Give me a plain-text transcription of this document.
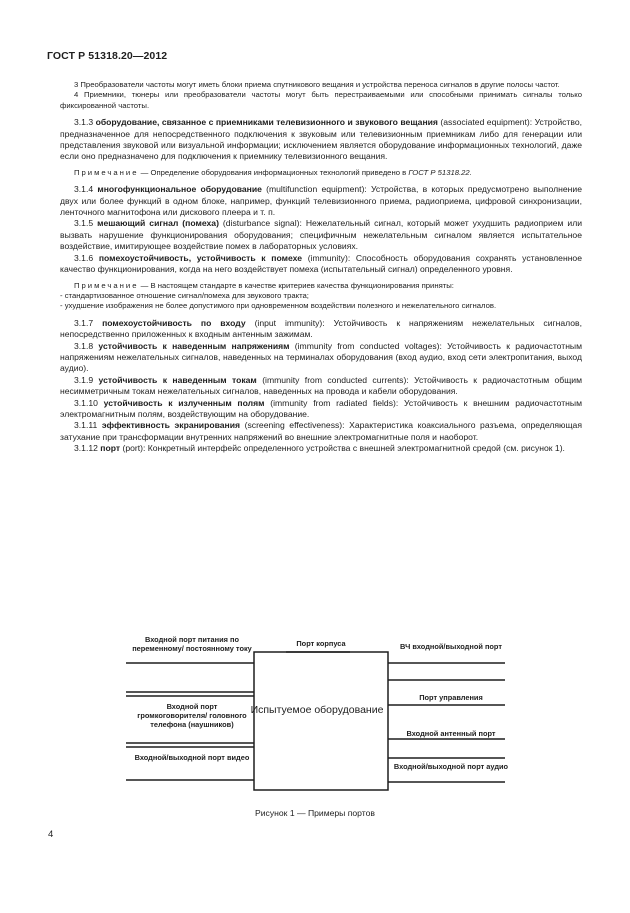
ГОСТ Р 51318.20—2012

3 Преобразователи частоты могут иметь блоки приема спутникового вещания и устройства переноса сигналов в другие полосы частот.

4 Приемники, тюнеры или преобразователи частоты могут быть перестраиваемыми или способными принимать сигналы только фиксированной частоты.

3.1.3 оборудование, связанное с приемниками телевизионного и звукового вещания (associated equipment): Устройство, предназначенное для непосредственного подключения к звуковым или телевизионным приемникам либо для генерации или представления звуковой или визуальной информации; исключением является оборудование информационных технологий, даже если оно предназначено для подключения к приемнику телевизионного вещания.

Примечание — Определение оборудования информационных технологий приведено в ГОСТ Р 51318.22.

3.1.4 многофункциональное оборудование (multifunction equipment): Устройства, в которых предусмотрено выполнение двух или более функций в одном блоке, например, функций телевизионного приема, радиоприема, цифровой синхронизации, ленточного магнитофона или дискового плеера и т. п.

3.1.5 мешающий сигнал (помеха) (disturbance signal): Нежелательный сигнал, который может ухудшить радиоприем или вызвать нарушение функционирования оборудования; специфичным нежелательным сигналом является испытательное воздействие, имитирующее воздействие помех в лабораторных условиях.

3.1.6 помехоустойчивость, устойчивость к помехе (immunity): Способность оборудования сохранять установленное качество функционирования, когда на него воздействует помеха (испытательный сигнал) определенного уровня.

Примечание — В настоящем стандарте в качестве критериев качества функционирования приняты:

- стандартизованное отношение сигнал/помеха для звукового тракта;

- ухудшение изображения не более допустимого при одновременном воздействии полезного и нежелательного сигналов.

3.1.7 помехоустойчивость по входу (input immunity): Устойчивость к напряжениям нежелательных сигналов, непосредственно приложенных к входным антенным зажимам.

3.1.8 устойчивость к наведенным напряжениям (immunity from conducted voltages): Устойчивость к радиочастотным напряжениям нежелательных сигналов, наведенных на терминалах оборудования (вход аудио, вход сети электропитания, выход аудио).

3.1.9 устойчивость к наведенным токам (immunity from conducted currents): Устойчивость к радиочастотным общим несимметричным токам нежелательных сигналов, наведенных на провода и кабели оборудования.

3.1.10 устойчивость к излученным полям (immunity from radiated fields): Устойчивость к внешним радиочастотным электромагнитным полям, воздействующим на оборудование.

3.1.11 эффективность экранирования (screening effectiveness): Характеристика коаксиального разъема, определяющая затухание при трансформации внутренних напряжений во внешние электромагнитные поля и наоборот.

3.1.12 порт (port): Конкретный интерфейс определенного устройства с внешней электромагнитной средой (см. рисунок 1).

Порт корпуса
Входной порт питания по переменному/ постоянному току
Входной порт громкоговорителя/ головного телефона (наушников)
Входной/выходной порт видео
ВЧ входной/выходной порт
Порт управления
Входной антенный порт
Входной/выходной порт аудио
Испытуемое оборудование
Рисунок 1 — Примеры портов
4
